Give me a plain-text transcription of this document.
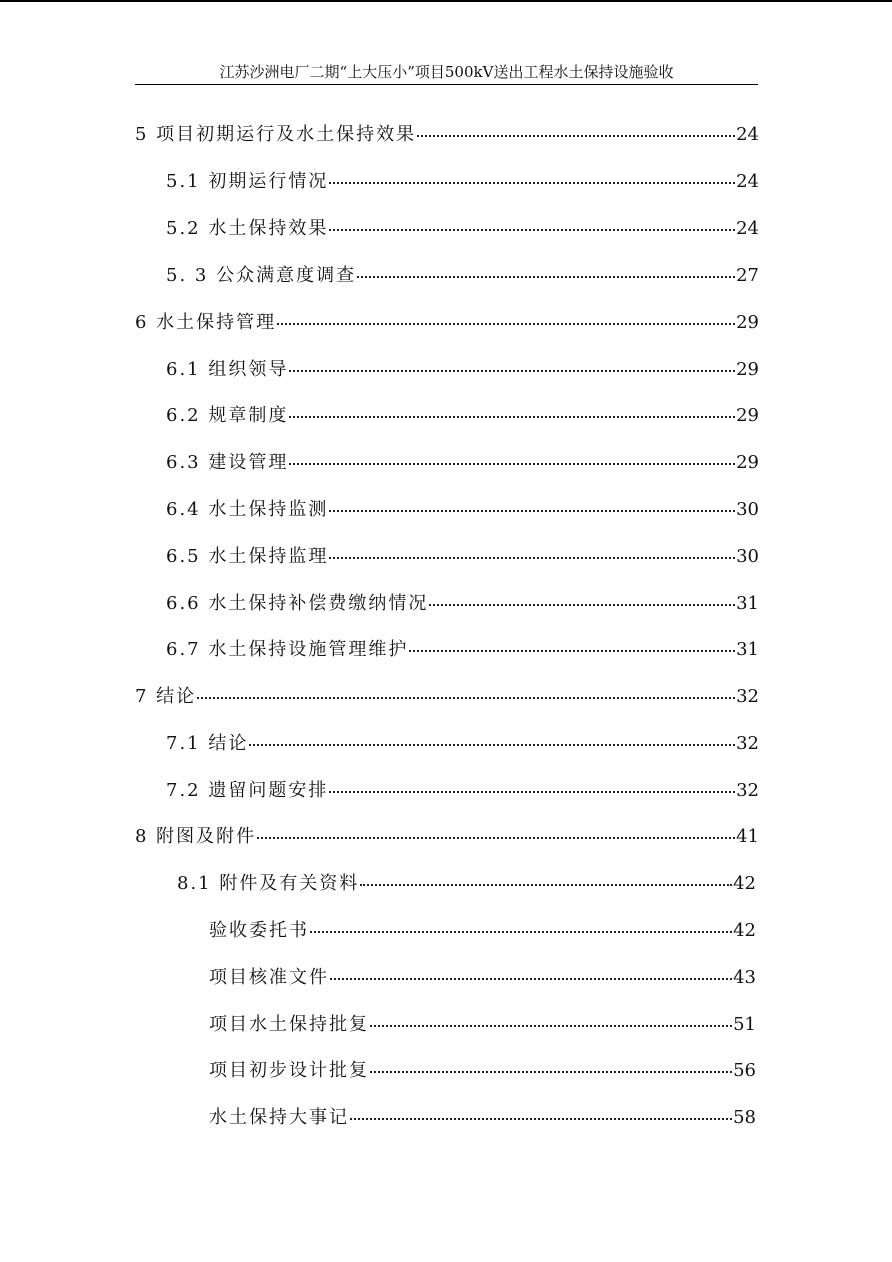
江苏沙洲电厂二期“上大压小”项目500kV送出工程水土保持设施验收
5 项目初期运行及水土保持效果	24
5.1 初期运行情况	24
5.2 水土保持效果	24
5. 3 公众满意度调查	27
6 水土保持管理	29
6.1 组织领导	29
6.2 规章制度	29
6.3 建设管理	29
6.4 水土保持监测	30
6.5 水土保持监理	30
6.6 水土保持补偿费缴纳情况	31
6.7 水土保持设施管理维护	31
7 结论	32
7.1 结论	32
7.2 遗留问题安排	32
8 附图及附件	41
8.1 附件及有关资料	42
验收委托书	42
项目核准文件	43
项目水土保持批复	51
项目初步设计批复	56
水土保持大事记	58
